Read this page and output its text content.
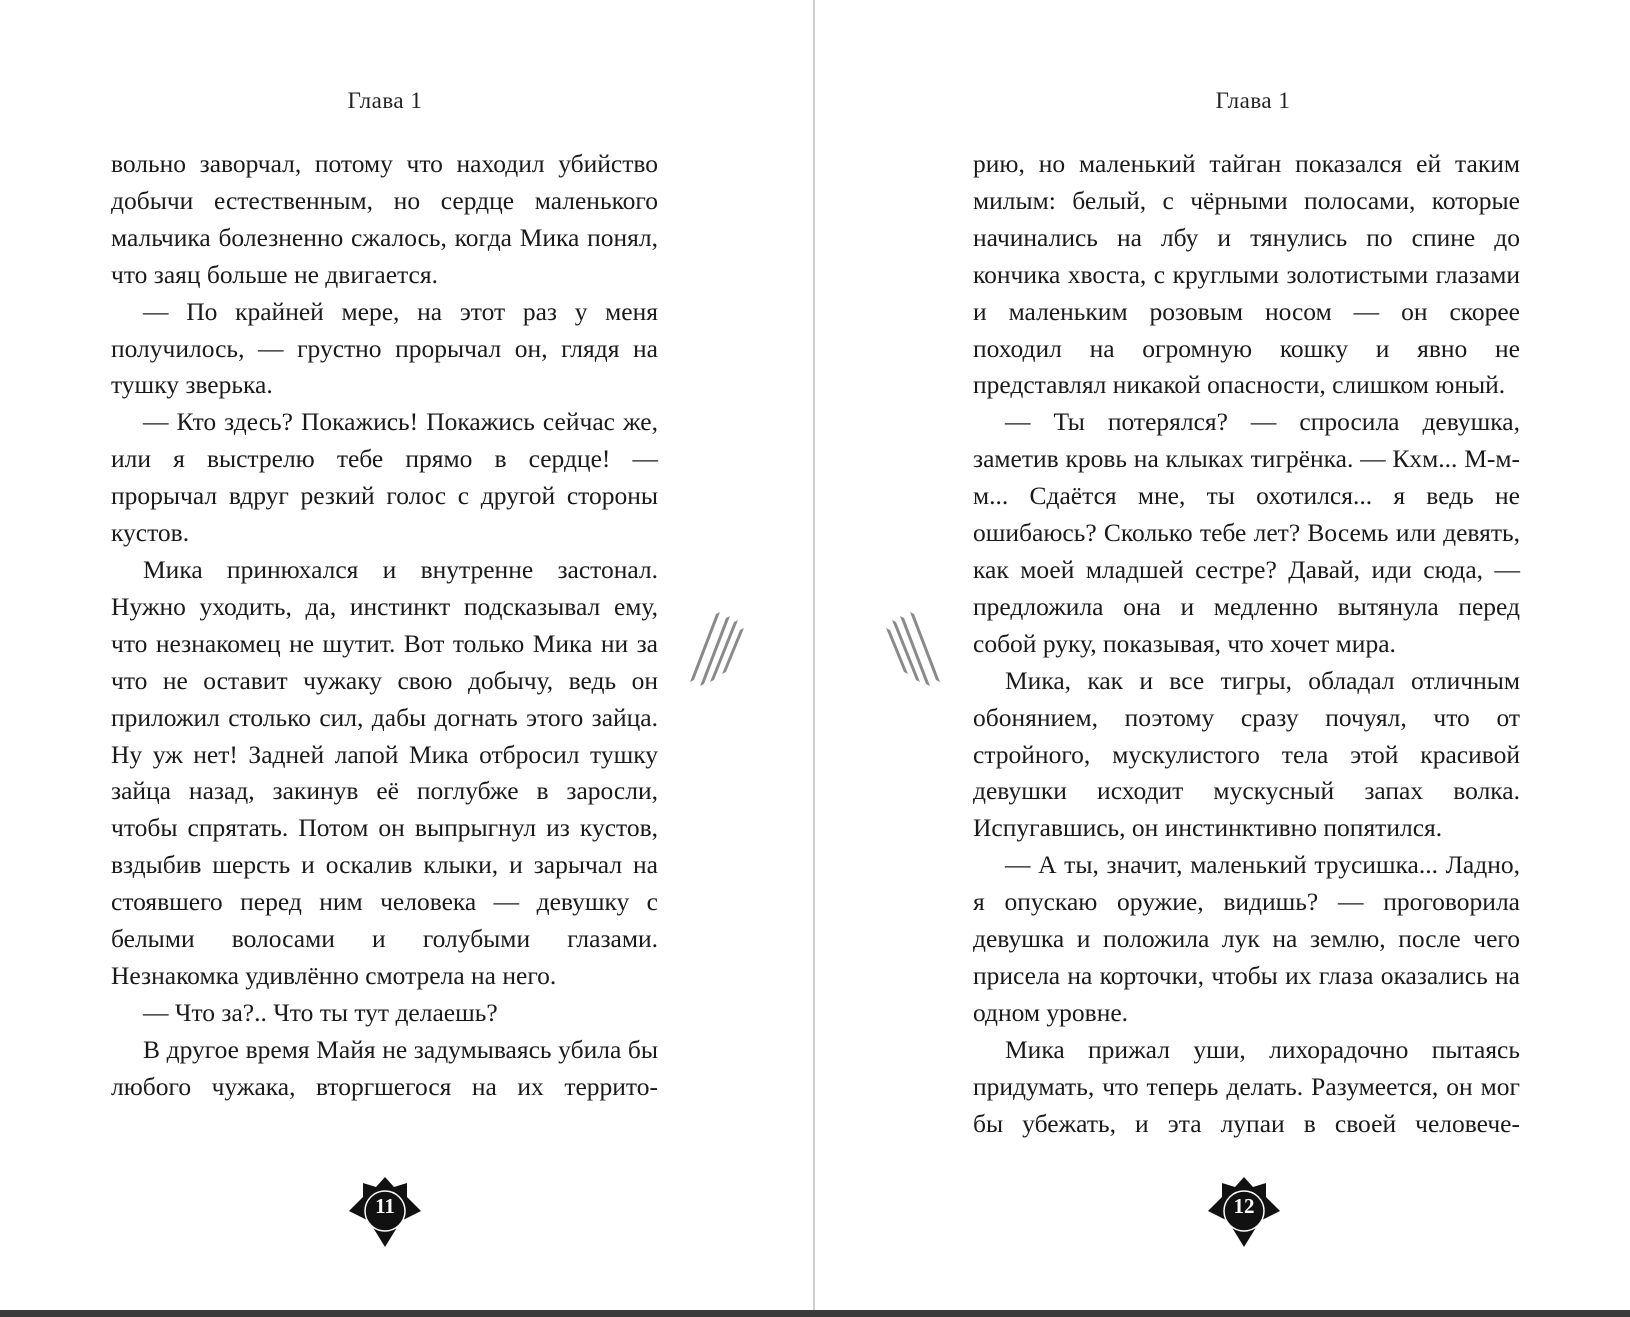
Глава 1

вольно заворчал, потому что находил убийство добычи естественным, но сердце маленького мальчика болезненно сжалось, когда Мика понял, что заяц больше не двигается.

— По крайней мере, на этот раз у меня получилось, — грустно прорычал он, глядя на тушку зверька.

— Кто здесь? Покажись! Покажись сейчас же, или я выстрелю тебе прямо в сердце! — прорычал вдруг резкий голос с другой стороны кустов.

Мика принюхался и внутренне застонал. Нужно уходить, да, инстинкт подсказывал ему, что незнакомец не шутит. Вот только Мика ни за что не оставит чужаку свою добычу, ведь он приложил столько сил, дабы догнать этого зайца. Ну уж нет! Задней лапой Мика отбросил тушку зайца назад, закинув её поглубже в заросли, чтобы спрятать. Потом он выпрыгнул из кустов, вздыбив шерсть и оскалив клыки, и зарычал на стоявшего перед ним человека — девушку с белыми волосами и голубыми глазами. Незнакомка удивлённо смотрела на него.

— Что за?.. Что ты тут делаешь?

В другое время Майя не задумываясь убила бы любого чужака, вторгшегося на их террито-

11
Глава 1

рию, но маленький тайган показался ей таким милым: белый, с чёрными полосами, которые начинались на лбу и тянулись по спине до кончика хвоста, с круглыми золотистыми глазами и маленьким розовым носом — он скорее походил на огромную кошку и явно не представлял никакой опасности, слишком юный.

— Ты потерялся? — спросила девушка, заметив кровь на клыках тигрёнка. — Кхм... М-м-м... Сдаётся мне, ты охотился... я ведь не ошибаюсь? Сколько тебе лет? Восемь или девять, как моей младшей сестре? Давай, иди сюда, — предложила она и медленно вытянула перед собой руку, показывая, что хочет мира.

Мика, как и все тигры, обладал отличным обонянием, поэтому сразу почуял, что от стройного, мускулистого тела этой красивой девушки исходит мускусный запах волка. Испугавшись, он инстинктивно попятился.

— А ты, значит, маленький трусишка... Ладно, я опускаю оружие, видишь? — проговорила девушка и положила лук на землю, после чего присела на корточки, чтобы их глаза оказались на одном уровне.

Мика прижал уши, лихорадочно пытаясь придумать, что теперь делать. Разумеется, он мог бы убежать, и эта лупаи в своей человече-

12
